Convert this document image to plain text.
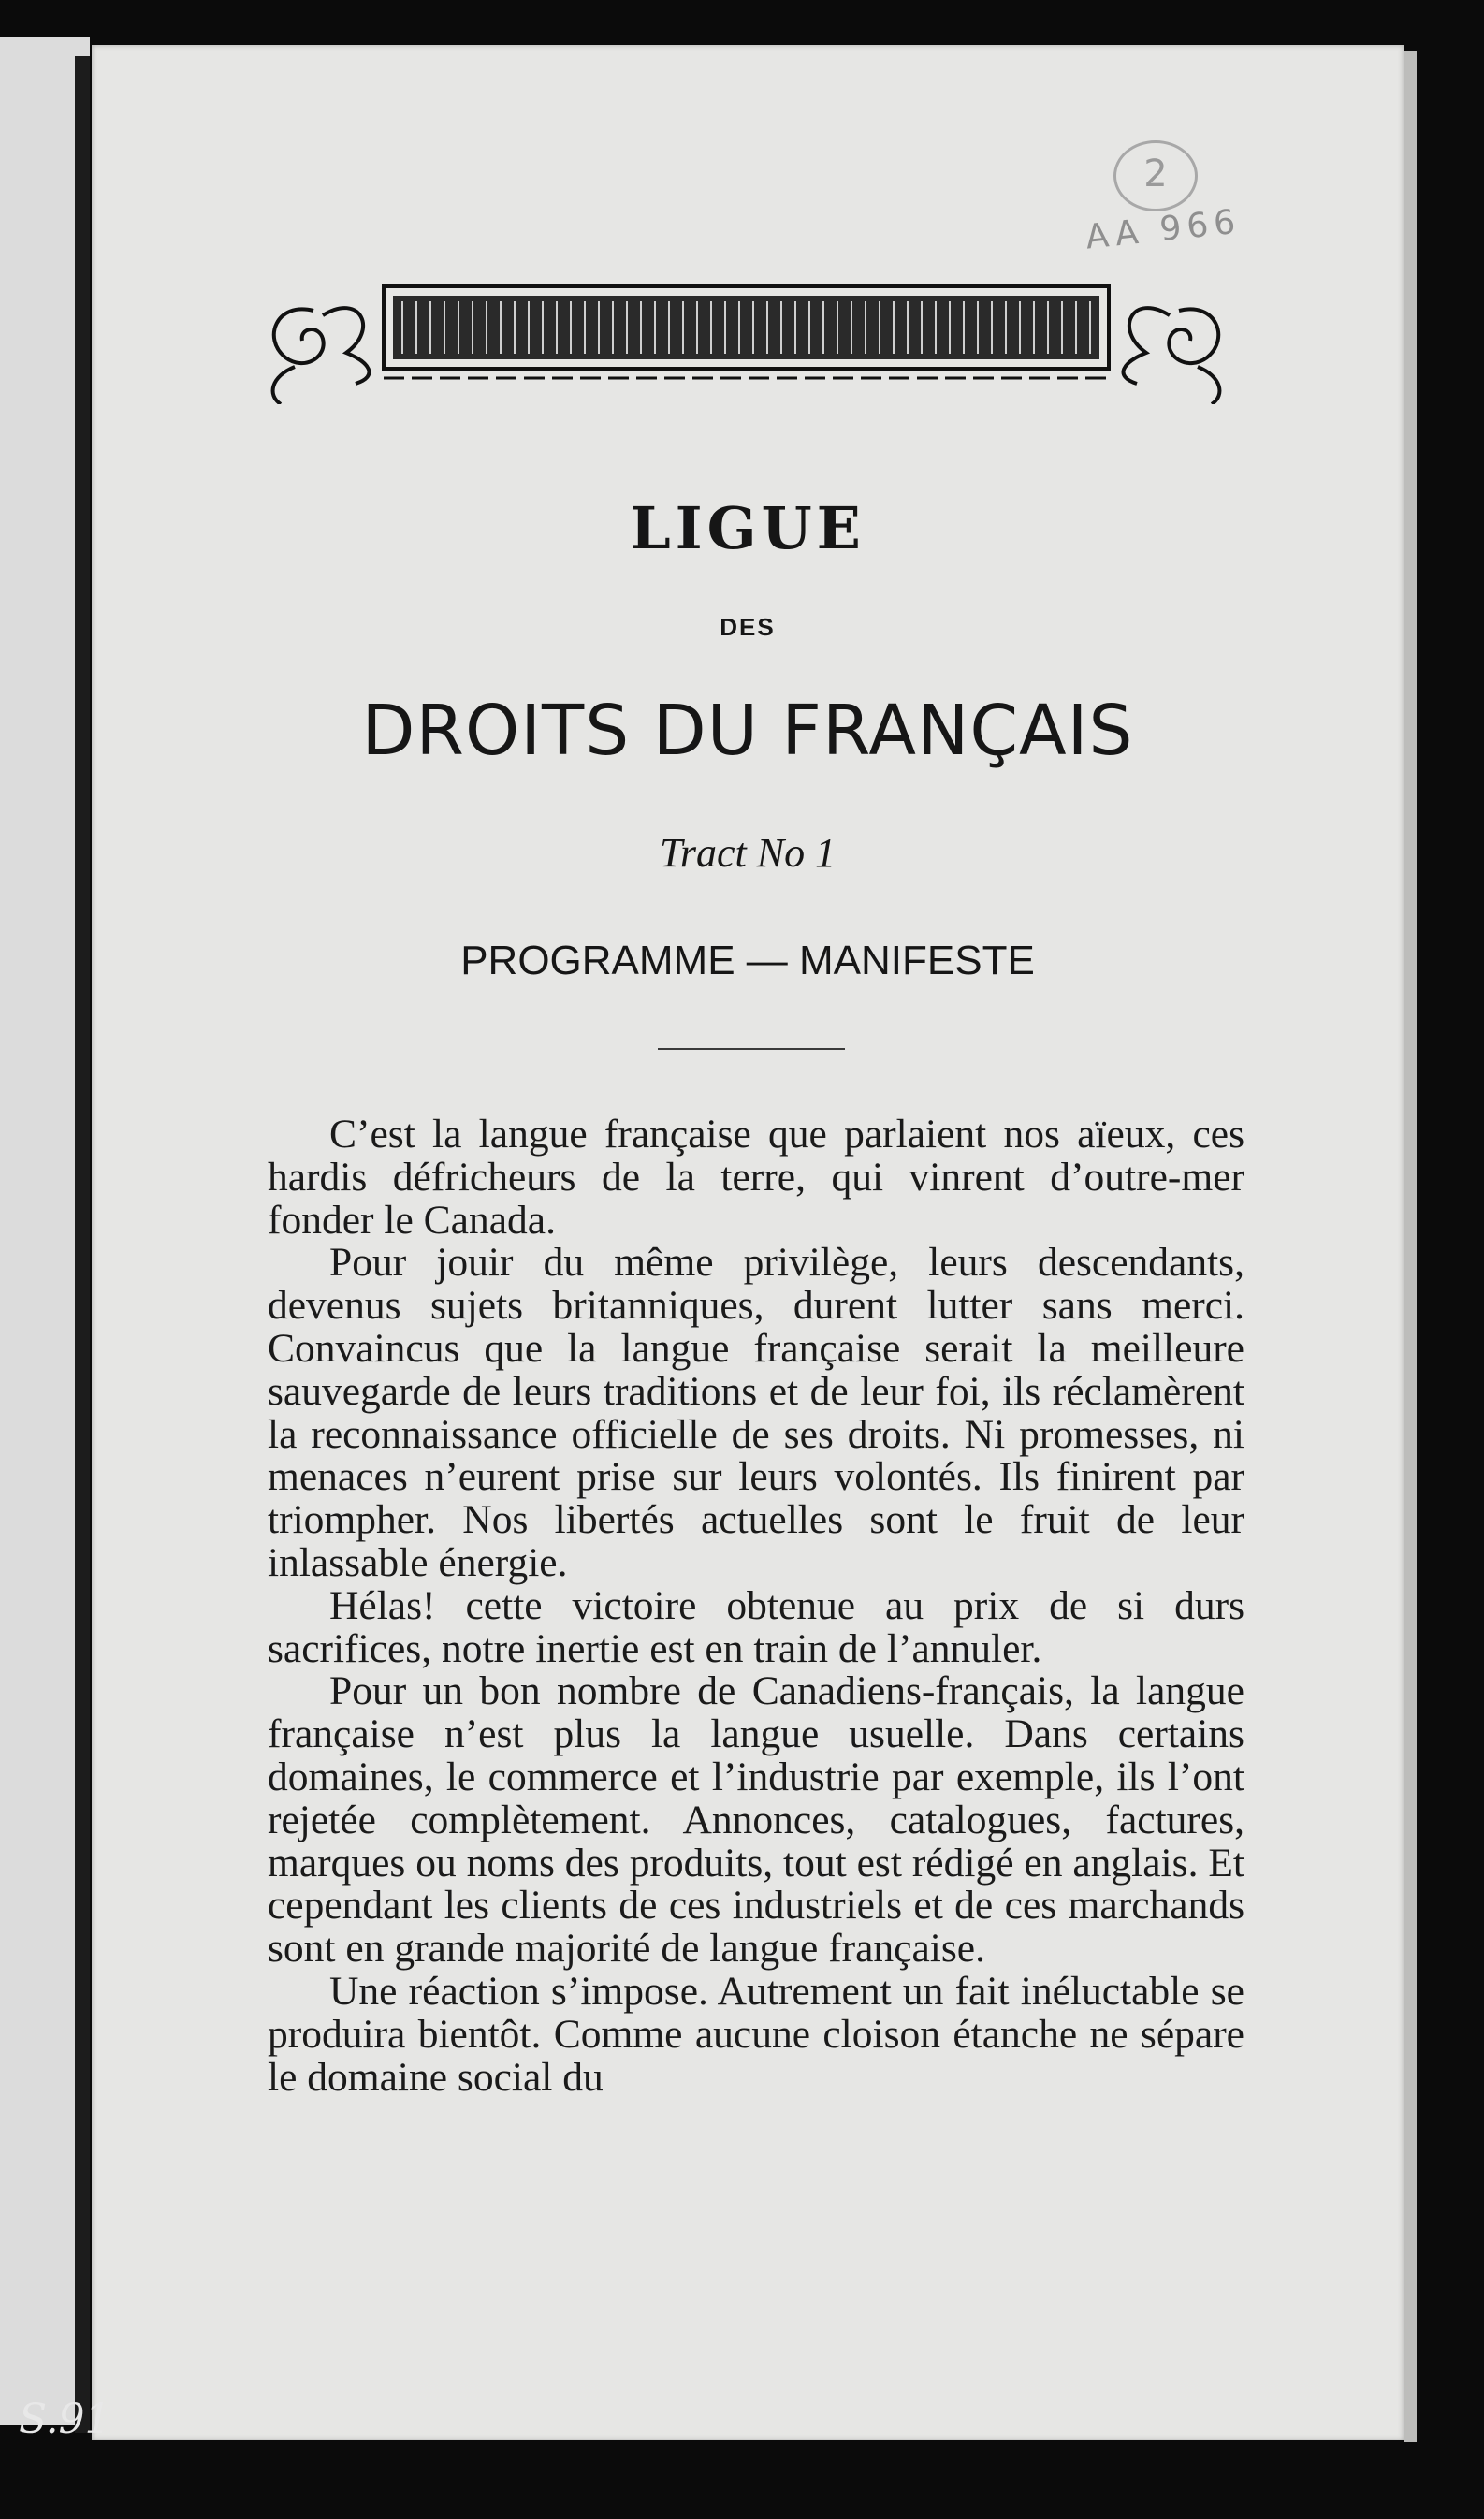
2
AA 966
LIGUE
DES
DROITS DU FRANÇAIS
Tract No 1
PROGRAMME — MANIFESTE

C’est la langue française que parlaient nos aïeux, ces hardis défricheurs de la terre, qui vinrent d’outre-mer fonder le Canada.

Pour jouir du même privilège, leurs descendants, devenus sujets britanniques, durent lutter sans merci. Convaincus que la langue française serait la meilleure sauvegarde de leurs traditions et de leur foi, ils réclamèrent la reconnaissance officielle de ses droits. Ni promesses, ni menaces n’eurent prise sur leurs volontés. Ils finirent par triompher. Nos libertés actuelles sont le fruit de leur inlassable énergie.

Hélas! cette victoire obtenue au prix de si durs sacrifices, notre inertie est en train de l’annuler.

Pour un bon nombre de Canadiens-français, la langue française n’est plus la langue usuelle. Dans certains domaines, le commerce et l’industrie par exemple, ils l’ont rejetée complètement. Annonces, catalogues, factures, marques ou noms des produits, tout est rédigé en anglais. Et cependant les clients de ces industriels et de ces marchands sont en grande majorité de langue française.

Une réaction s’impose. Autrement un fait inéluctable se produira bientôt. Comme aucune cloison étanche ne sépare le domaine social du

S.91
